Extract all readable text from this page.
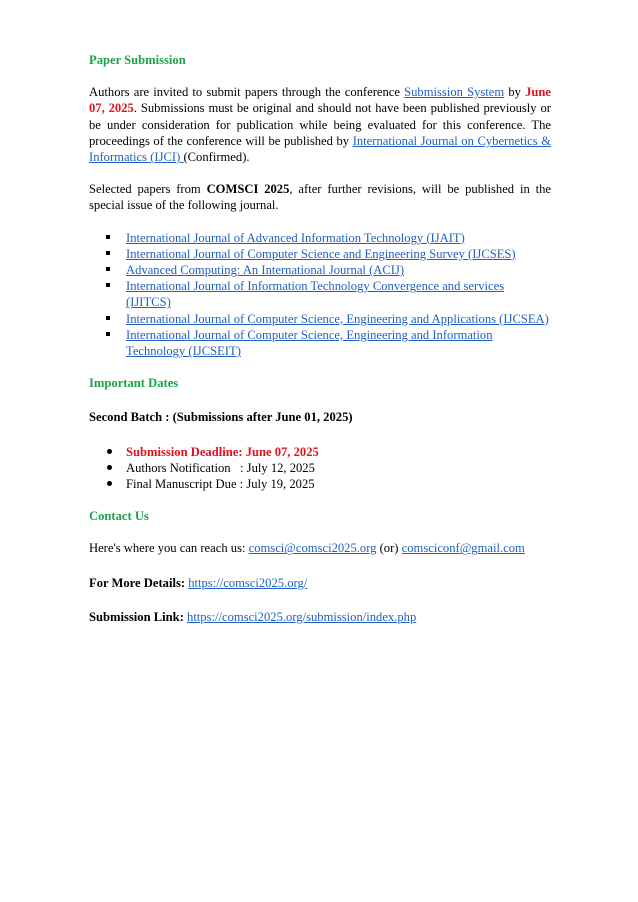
Paper Submission

Authors are invited to submit papers through the conference Submission System by June 07, 2025. Submissions must be original and should not have been published previously or be under consideration for publication while being evaluated for this conference. The proceedings of the conference will be published by International Journal on Cybernetics & Informatics (IJCI) (Confirmed).

Selected papers from COMSCI 2025, after further revisions, will be published in the special issue of the following journal.

International Journal of Advanced Information Technology (IJAIT)
International Journal of Computer Science and Engineering Survey (IJCSES)
Advanced Computing: An International Journal (ACIJ)
International Journal of Information Technology Convergence and services (IJITCS)
International Journal of Computer Science, Engineering and Applications (IJCSEA)
International Journal of Computer Science, Engineering and Information Technology (IJCSEIT)
Important Dates

Second Batch : (Submissions after June 01, 2025)

Submission Deadline: June 07, 2025
Authors Notification   : July 12, 2025
Final Manuscript Due : July 19, 2025
Contact Us

Here's where you can reach us: comsci@comsci2025.org (or) comsciconf@gmail.com

For More Details: https://comsci2025.org/

Submission Link: https://comsci2025.org/submission/index.php
